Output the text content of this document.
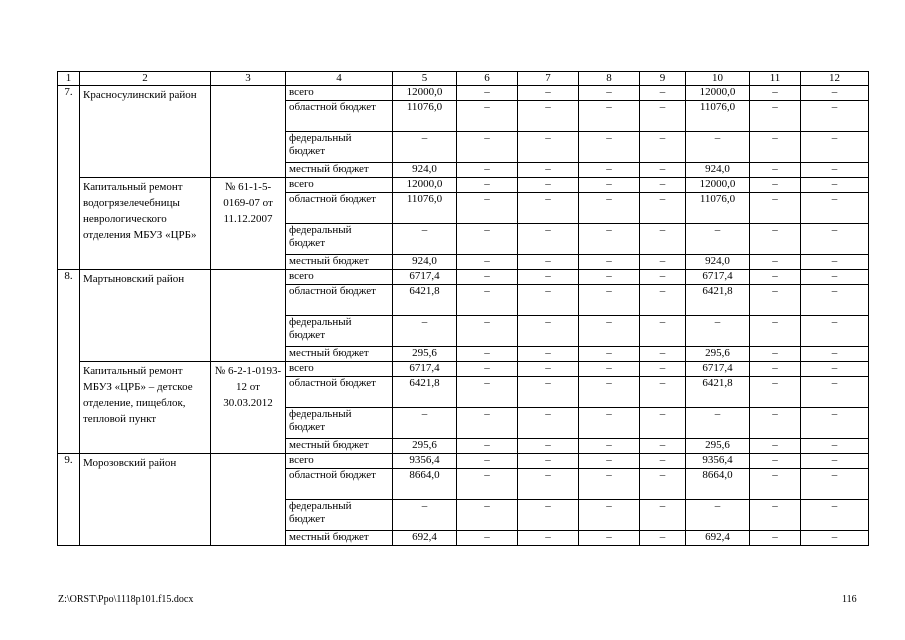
1	2	3	4	5	6	7	8	9	10	11	12
7.	Красносулинский район		всего	12000,0	–	–	–	–	12000,0	–	–
			областной бюджет	11076,0	–	–	–	–	11076,0	–	–
			федеральный бюджет	–	–	–	–	–	–	–	–
			местный бюджет	924,0	–	–	–	–	924,0	–	–
	Капитальный ремонт водогрязелечебницы неврологического отделения МБУЗ «ЦРБ»	№ 61-1-5-0169-07 от 11.12.2007	всего	12000,0	–	–	–	–	12000,0	–	–
			областной бюджет	11076,0	–	–	–	–	11076,0	–	–
			федеральный бюджет	–	–	–	–	–	–	–	–
			местный бюджет	924,0	–	–	–	–	924,0	–	–
8.	Мартыновский район		всего	6717,4	–	–	–	–	6717,4	–	–
			областной бюджет	6421,8	–	–	–	–	6421,8	–	–
			федеральный бюджет	–	–	–	–	–	–	–	–
			местный бюджет	295,6	–	–	–	–	295,6	–	–
	Капитальный ремонт МБУЗ «ЦРБ» – детское отделение, пищеблок, тепловой пункт	№ 6-2-1-0193-12 от 30.03.2012	всего	6717,4	–	–	–	–	6717,4	–	–
			областной бюджет	6421,8	–	–	–	–	6421,8	–	–
			федеральный бюджет	–	–	–	–	–	–	–	–
			местный бюджет	295,6	–	–	–	–	295,6	–	–
9.	Морозовский район		всего	9356,4	–	–	–	–	9356,4	–	–
			областной бюджет	8664,0	–	–	–	–	8664,0	–	–
			федеральный бюджет	–	–	–	–	–	–	–	–
			местный бюджет	692,4	–	–	–	–	692,4	–	–
Z:\ORST\Ppo\1118p101.f15.docx	116
